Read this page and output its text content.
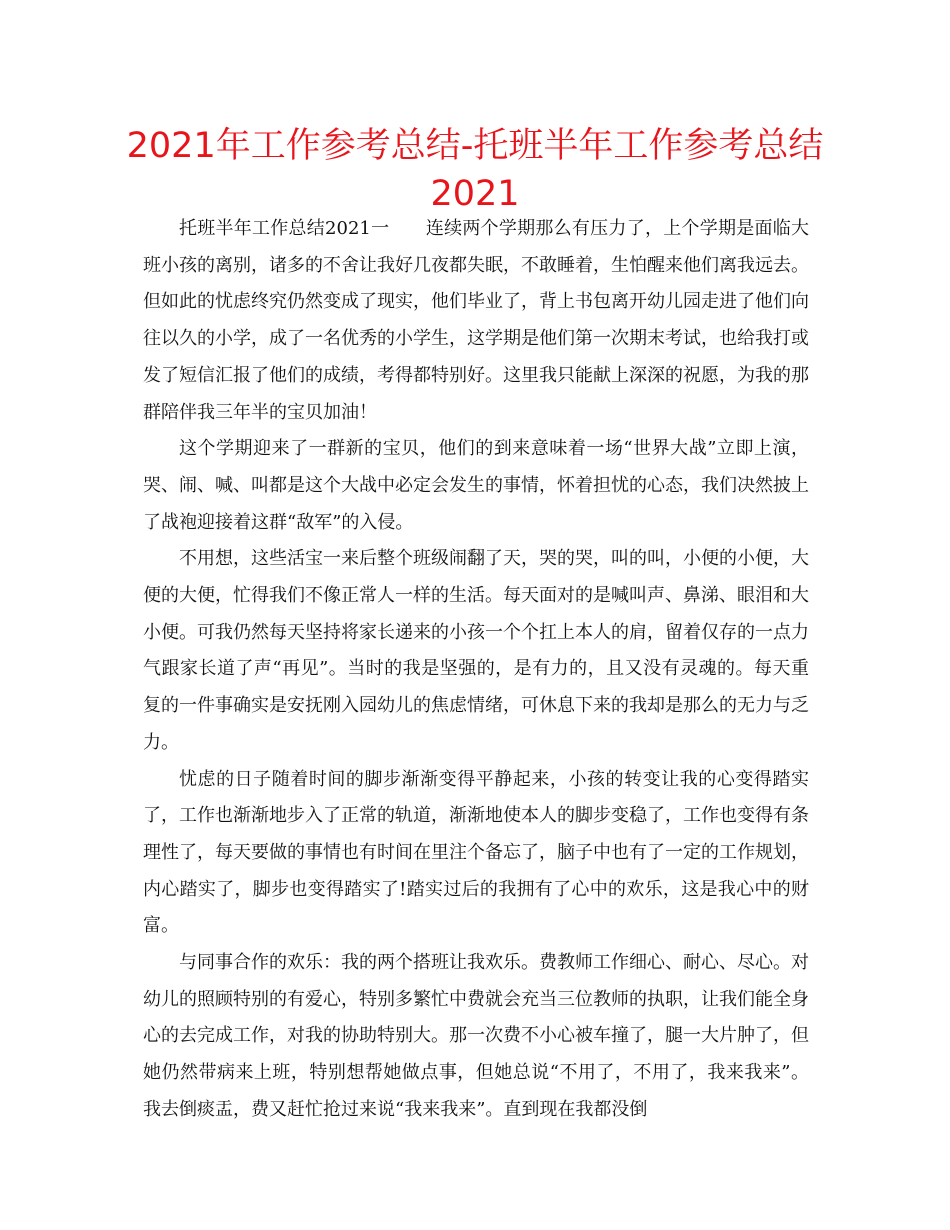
2021年工作参考总结-托班半年工作参考总结2021

托班半年工作总结2021一　　连续两个学期那么有压力了，上个学期是面临大班小孩的离别，诸多的不舍让我好几夜都失眠，不敢睡着，生怕醒来他们离我远去。但如此的忧虑终究仍然变成了现实，他们毕业了，背上书包离开幼儿园走进了他们向往以久的小学，成了一名优秀的小学生，这学期是他们第一次期末考试，也给我打或发了短信汇报了他们的成绩，考得都特别好。这里我只能献上深深的祝愿，为我的那群陪伴我三年半的宝贝加油！

这个学期迎来了一群新的宝贝，他们的到来意味着一场“世界大战”立即上演，哭、闹、喊、叫都是这个大战中必定会发生的事情，怀着担忧的心态，我们决然披上了战袍迎接着这群“敌军”的入侵。

不用想，这些活宝一来后整个班级闹翻了天，哭的哭，叫的叫，小便的小便，大便的大便，忙得我们不像正常人一样的生活。每天面对的是喊叫声、鼻涕、眼泪和大小便。可我仍然每天坚持将家长递来的小孩一个个扛上本人的肩，留着仅存的一点力气跟家长道了声“再见”。当时的我是坚强的，是有力的，且又没有灵魂的。每天重复的一件事确实是安抚刚入园幼儿的焦虑情绪，可休息下来的我却是那么的无力与乏力。

忧虑的日子随着时间的脚步渐渐变得平静起来，小孩的转变让我的心变得踏实了，工作也渐渐地步入了正常的轨道，渐渐地使本人的脚步变稳了，工作也变得有条理性了，每天要做的事情也有时间在里注个备忘了，脑子中也有了一定的工作规划，内心踏实了，脚步也变得踏实了!踏实过后的我拥有了心中的欢乐，这是我心中的财富。

与同事合作的欢乐：我的两个搭班让我欢乐。费教师工作细心、耐心、尽心。对幼儿的照顾特别的有爱心，特别多繁忙中费就会充当三位教师的执职，让我们能全身心的去完成工作，对我的协助特别大。那一次费不小心被车撞了，腿一大片肿了，但她仍然带病来上班，特别想帮她做点事，但她总说“不用了，不用了，我来我来”。我去倒痰盂，费又赶忙抢过来说“我来我来”。直到现在我都没倒
